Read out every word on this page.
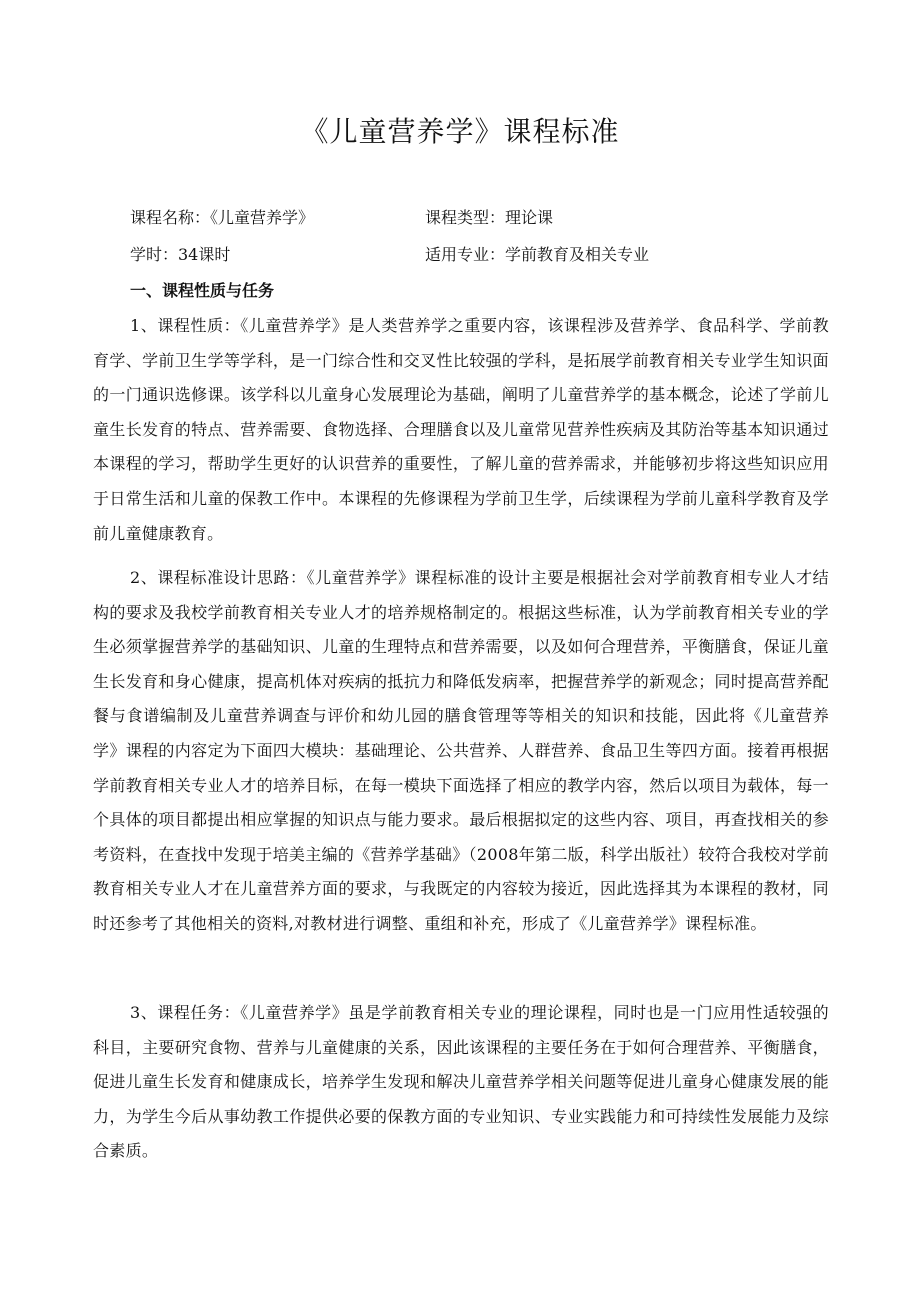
《儿童营养学》课程标准
课程名称：《儿童营养学》	课程类型：理论课
学时：34课时	适用专业：学前教育及相关专业
一、课程性质与任务
1、课程性质：《儿童营养学》是人类营养学之重要内容，该课程涉及营养学、食品科学、学前教育学、学前卫生学等学科，是一门综合性和交叉性比较强的学科，是拓展学前教育相关专业学生知识面的一门通识选修课。该学科以儿童身心发展理论为基础，阐明了儿童营养学的基本概念，论述了学前儿童生长发育的特点、营养需要、食物选择、合理膳食以及儿童常见营养性疾病及其防治等基本知识通过本课程的学习，帮助学生更好的认识营养的重要性，了解儿童的营养需求，并能够初步将这些知识应用于日常生活和儿童的保教工作中。本课程的先修课程为学前卫生学，后续课程为学前儿童科学教育及学前儿童健康教育。
2、课程标准设计思路：《儿童营养学》课程标准的设计主要是根据社会对学前教育相专业人才结构的要求及我校学前教育相关专业人才的培养规格制定的。根据这些标准，认为学前教育相关专业的学生必须掌握营养学的基础知识、儿童的生理特点和营养需要，以及如何合理营养，平衡膳食，保证儿童生长发育和身心健康，提高机体对疾病的抵抗力和降低发病率，把握营养学的新观念；同时提高营养配餐与食谱编制及儿童营养调查与评价和幼儿园的膳食管理等等相关的知识和技能，因此将《儿童营养学》课程的内容定为下面四大模块：基础理论、公共营养、人群营养、食品卫生等四方面。接着再根据学前教育相关专业人才的培养目标，在每一模块下面选择了相应的教学内容，然后以项目为载体，每一个具体的项目都提出相应掌握的知识点与能力要求。最后根据拟定的这些内容、项目，再查找相关的参考资料，在查找中发现于培美主编的《营养学基础》（2008年第二版，科学出版社）较符合我校对学前教育相关专业人才在儿童营养方面的要求，与我既定的内容较为接近，因此选择其为本课程的教材，同时还参考了其他相关的资料,对教材进行调整、重组和补充，形成了《儿童营养学》课程标准。
3、课程任务：《儿童营养学》虽是学前教育相关专业的理论课程，同时也是一门应用性适较强的科目，主要研究食物、营养与儿童健康的关系，因此该课程的主要任务在于如何合理营养、平衡膳食，促进儿童生长发育和健康成长，培养学生发现和解决儿童营养学相关问题等促进儿童身心健康发展的能力，为学生今后从事幼教工作提供必要的保教方面的专业知识、专业实践能力和可持续性发展能力及综合素质。
